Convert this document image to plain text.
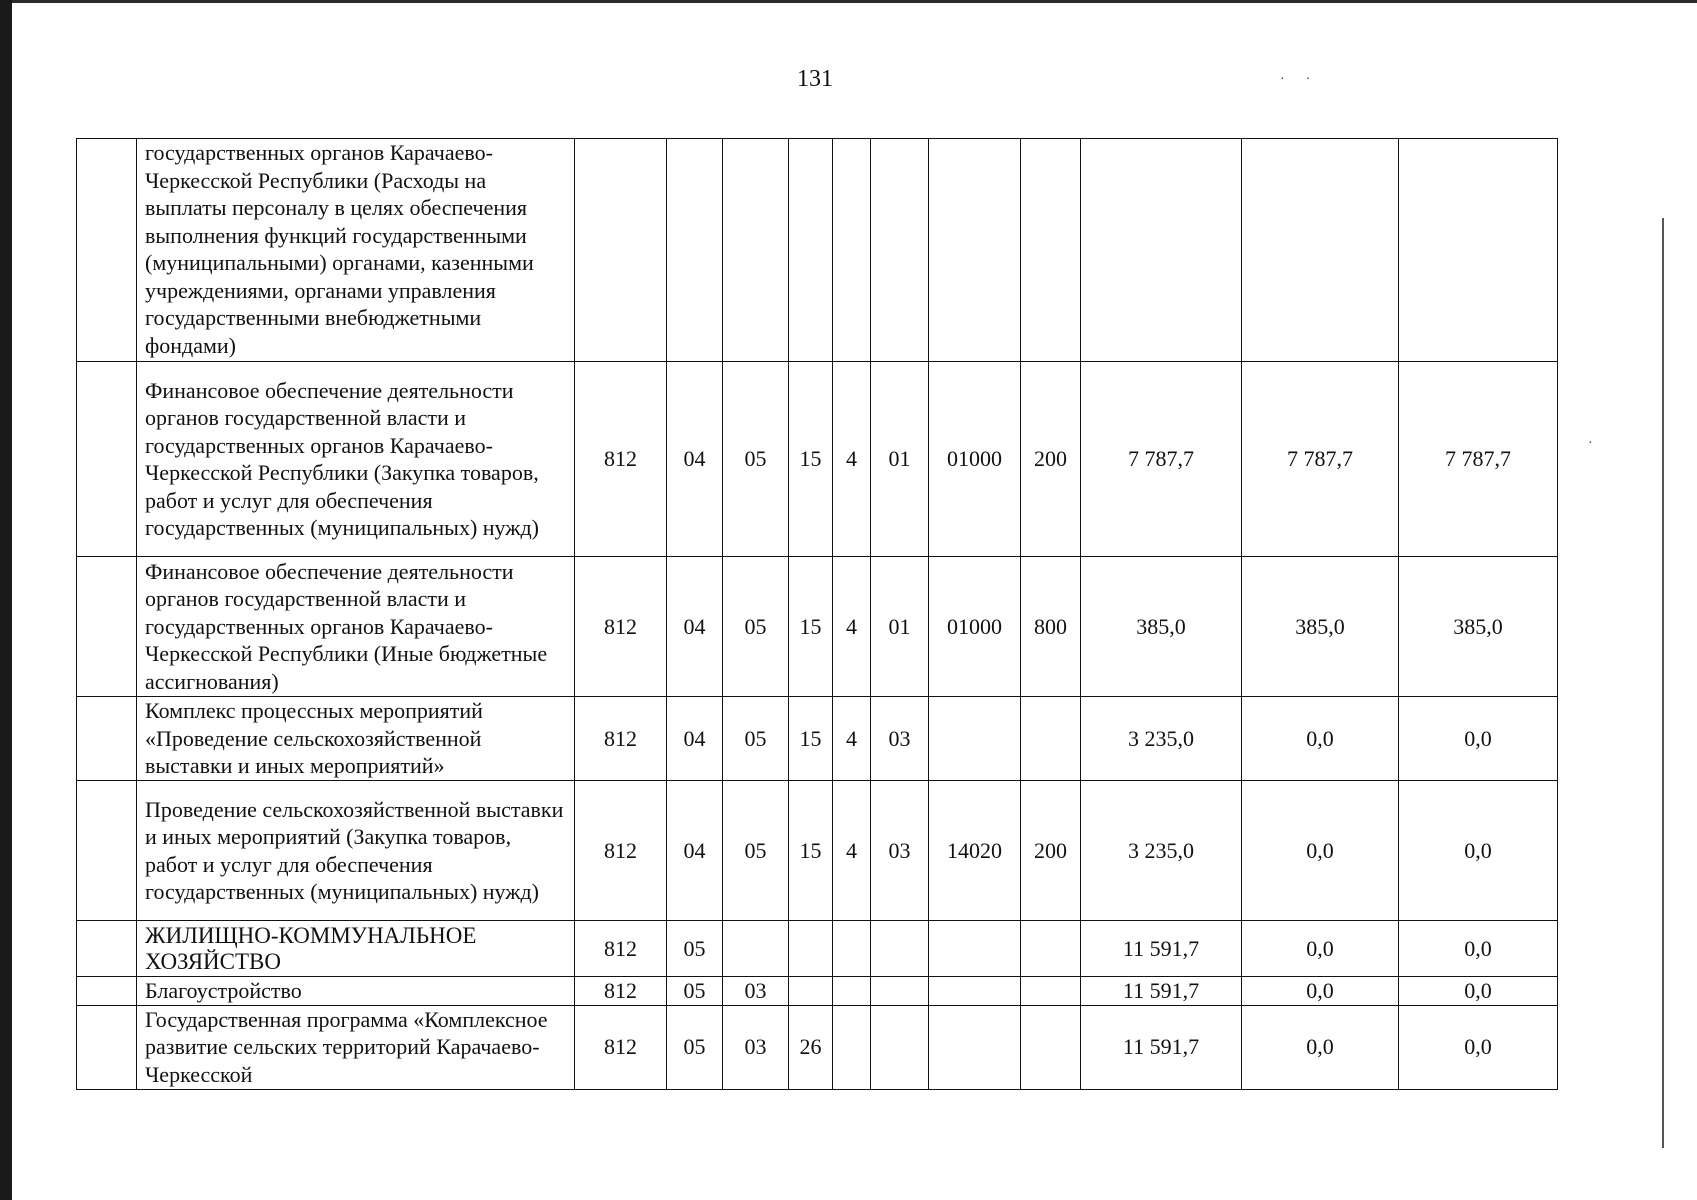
·      ·
·
131
	государственных органов Карачаево-Черкесской Республики (Расходы на выплаты персоналу в целях обеспечения выполнения функций государственными (муниципальными) органами, казенными учреждениями, органами управления государственными внебюджетными фондами)											
	Финансовое обеспечение деятельности органов государственной власти и государственных органов Карачаево-Черкесской Республики (Закупка товаров, работ и услуг для обеспечения государственных (муниципальных) нужд)	812	04	05	15	4	01	01000	200	7 787,7	7 787,7	7 787,7
	Финансовое обеспечение деятельности органов государственной власти и государственных органов Карачаево-Черкесской Республики (Иные бюджетные ассигнования)	812	04	05	15	4	01	01000	800	385,0	385,0	385,0
	Комплекс процессных мероприятий «Проведение сельскохозяйственной выставки и иных мероприятий»	812	04	05	15	4	03			3 235,0	0,0	0,0
	Проведение сельскохозяйственной выставки и иных мероприятий (Закупка товаров, работ и услуг для обеспечения государственных (муниципальных) нужд)	812	04	05	15	4	03	14020	200	3 235,0	0,0	0,0
	ЖИЛИЩНО-КОММУНАЛЬНОЕ ХОЗЯЙСТВО	812	05							11 591,7	0,0	0,0
	Благоустройство	812	05	03						11 591,7	0,0	0,0
	Государственная программа «Комплексное развитие сельских территорий Карачаево-Черкесской	812	05	03	26					11 591,7	0,0	0,0
